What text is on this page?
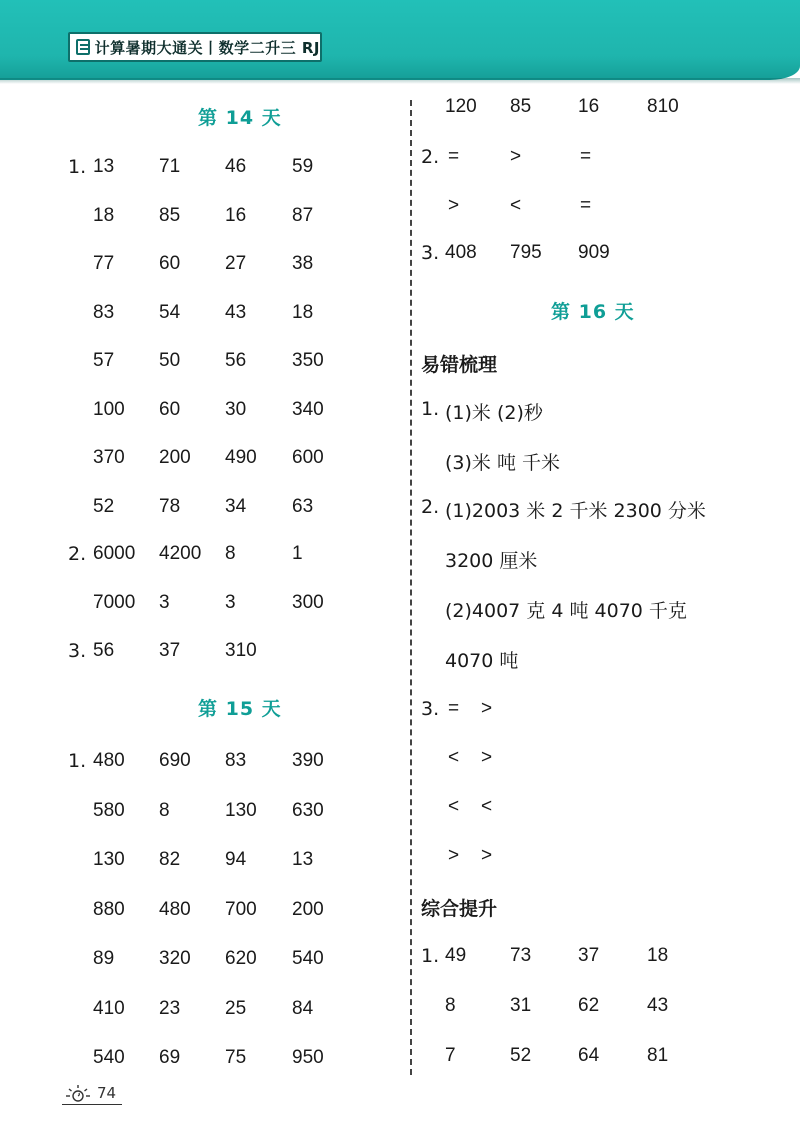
计算暑期大通关丨数学二升三 RJ
第 14 天
1. 13 71 46 59
18 85 16 87
77 60 27 38
83 54 43 18
57 50 56 350
100 60 30 340
370 200 490 600
52 78 34 63
2. 6000 4200 8	1
7000 3	3	300
3. 56 37 310
第 15 天
1. 480 690 83 390
580 8	130 630
130 82 94 13
880 480 700 200
89 320 620 540
410 23 25 84
540 69 75 950
120 85 16	810
2. =	>	=
>	<	=
3. 408 795 909
第 16 天
易错梳理
1. (1)米 (2)秒
(3)米 吨 千米
2. (1)2003 米 2 千米 2300 分米
3200 厘米
(2)4007 克 4 吨 4070 千克
4070 吨
3. = >
< >
< <
> >
综合提升
1. 49 73 37	18
8	31 62	43
7	52 64	81
74
